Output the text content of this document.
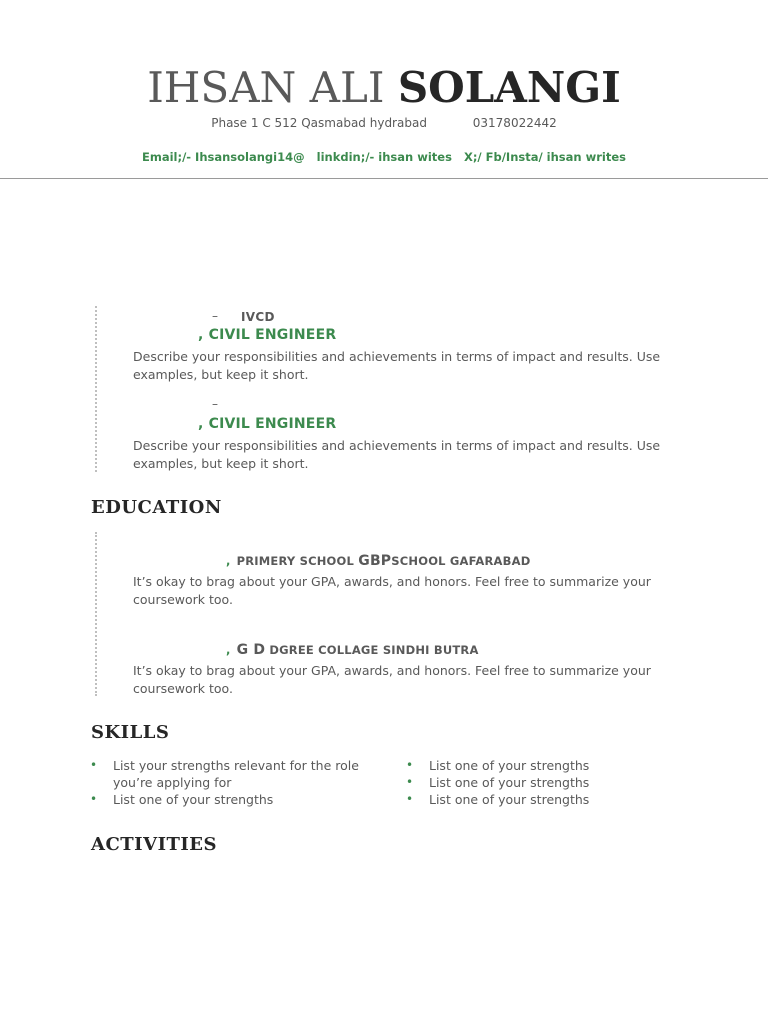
IHSAN ALI SOLANGI
Phase 1 C 512 Qasmabad hydrabad	03178022442
Email;/- Ihsansolangi14@ linkdin;/- ihsan wites X;/ Fb/Insta/ ihsan writes
– IVCD
, CIVIL ENGINEER
Describe your responsibilities and achievements in terms of impact and results. Use examples, but keep it short.
–
, CIVIL ENGINEER
Describe your responsibilities and achievements in terms of impact and results. Use examples, but keep it short.
EDUCATION
, PRIMERY SCHOOL GBPSCHOOL GAFARABAD
It’s okay to brag about your GPA, awards, and honors. Feel free to summarize your coursework too.
, G D DGREE COLLAGE SINDHI BUTRA
It’s okay to brag about your GPA, awards, and honors. Feel free to summarize your coursework too.
SKILLS
• List your strengths relevant for the role you’re applying for
• List one of your strengths
• List one of your strengths
• List one of your strengths
• List one of your strengths
ACTIVITIES
